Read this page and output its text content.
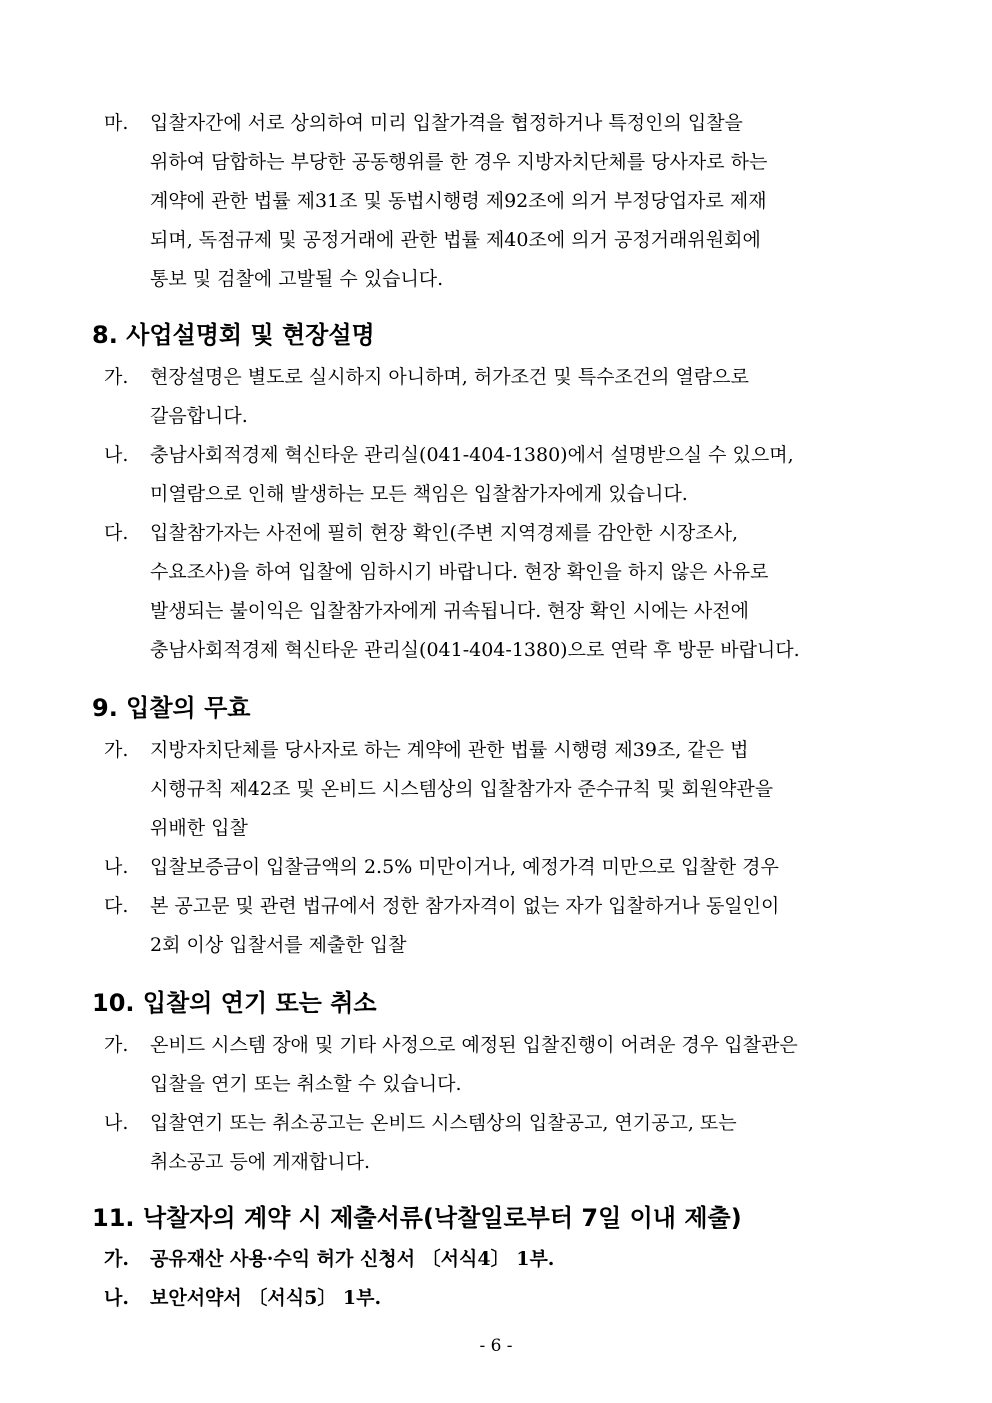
마. 입찰자간에 서로 상의하여 미리 입찰가격을 협정하거나 특정인의 입찰을
위하여 담합하는 부당한 공동행위를 한 경우 지방자치단체를 당사자로 하는
계약에 관한 법률 제31조 및 동법시행령 제92조에 의거 부정당업자로 제재
되며, 독점규제 및 공정거래에 관한 법률 제40조에 의거 공정거래위원회에
통보 및 검찰에 고발될 수 있습니다.
8. 사업설명회 및 현장설명
가. 현장설명은 별도로 실시하지 아니하며, 허가조건 및 특수조건의 열람으로
갈음합니다.
나. 충남사회적경제 혁신타운 관리실(041-404-1380)에서 설명받으실 수 있으며,
미열람으로 인해 발생하는 모든 책임은 입찰참가자에게 있습니다.
다. 입찰참가자는 사전에 필히 현장 확인(주변 지역경제를 감안한 시장조사,
수요조사)을 하여 입찰에 임하시기 바랍니다. 현장 확인을 하지 않은 사유로
발생되는 불이익은 입찰참가자에게 귀속됩니다. 현장 확인 시에는 사전에
충남사회적경제 혁신타운 관리실(041-404-1380)으로 연락 후 방문 바랍니다.
9. 입찰의 무효
가. 지방자치단체를 당사자로 하는 계약에 관한 법률 시행령 제39조, 같은 법
시행규칙 제42조 및 온비드 시스템상의 입찰참가자 준수규칙 및 회원약관을
위배한 입찰
나. 입찰보증금이 입찰금액의 2.5% 미만이거나, 예정가격 미만으로 입찰한 경우
다. 본 공고문 및 관련 법규에서 정한 참가자격이 없는 자가 입찰하거나 동일인이
2회 이상 입찰서를 제출한 입찰
10. 입찰의 연기 또는 취소
가. 온비드 시스템 장애 및 기타 사정으로 예정된 입찰진행이 어려운 경우 입찰관은
입찰을 연기 또는 취소할 수 있습니다.
나. 입찰연기 또는 취소공고는 온비드 시스템상의 입찰공고, 연기공고, 또는
취소공고 등에 게재합니다.
11. 낙찰자의 계약 시 제출서류(낙찰일로부터 7일 이내 제출)
가. 공유재산 사용·수익 허가 신청서 〔서식4〕 1부.
나. 보안서약서 〔서식5〕 1부.
- 6 -
